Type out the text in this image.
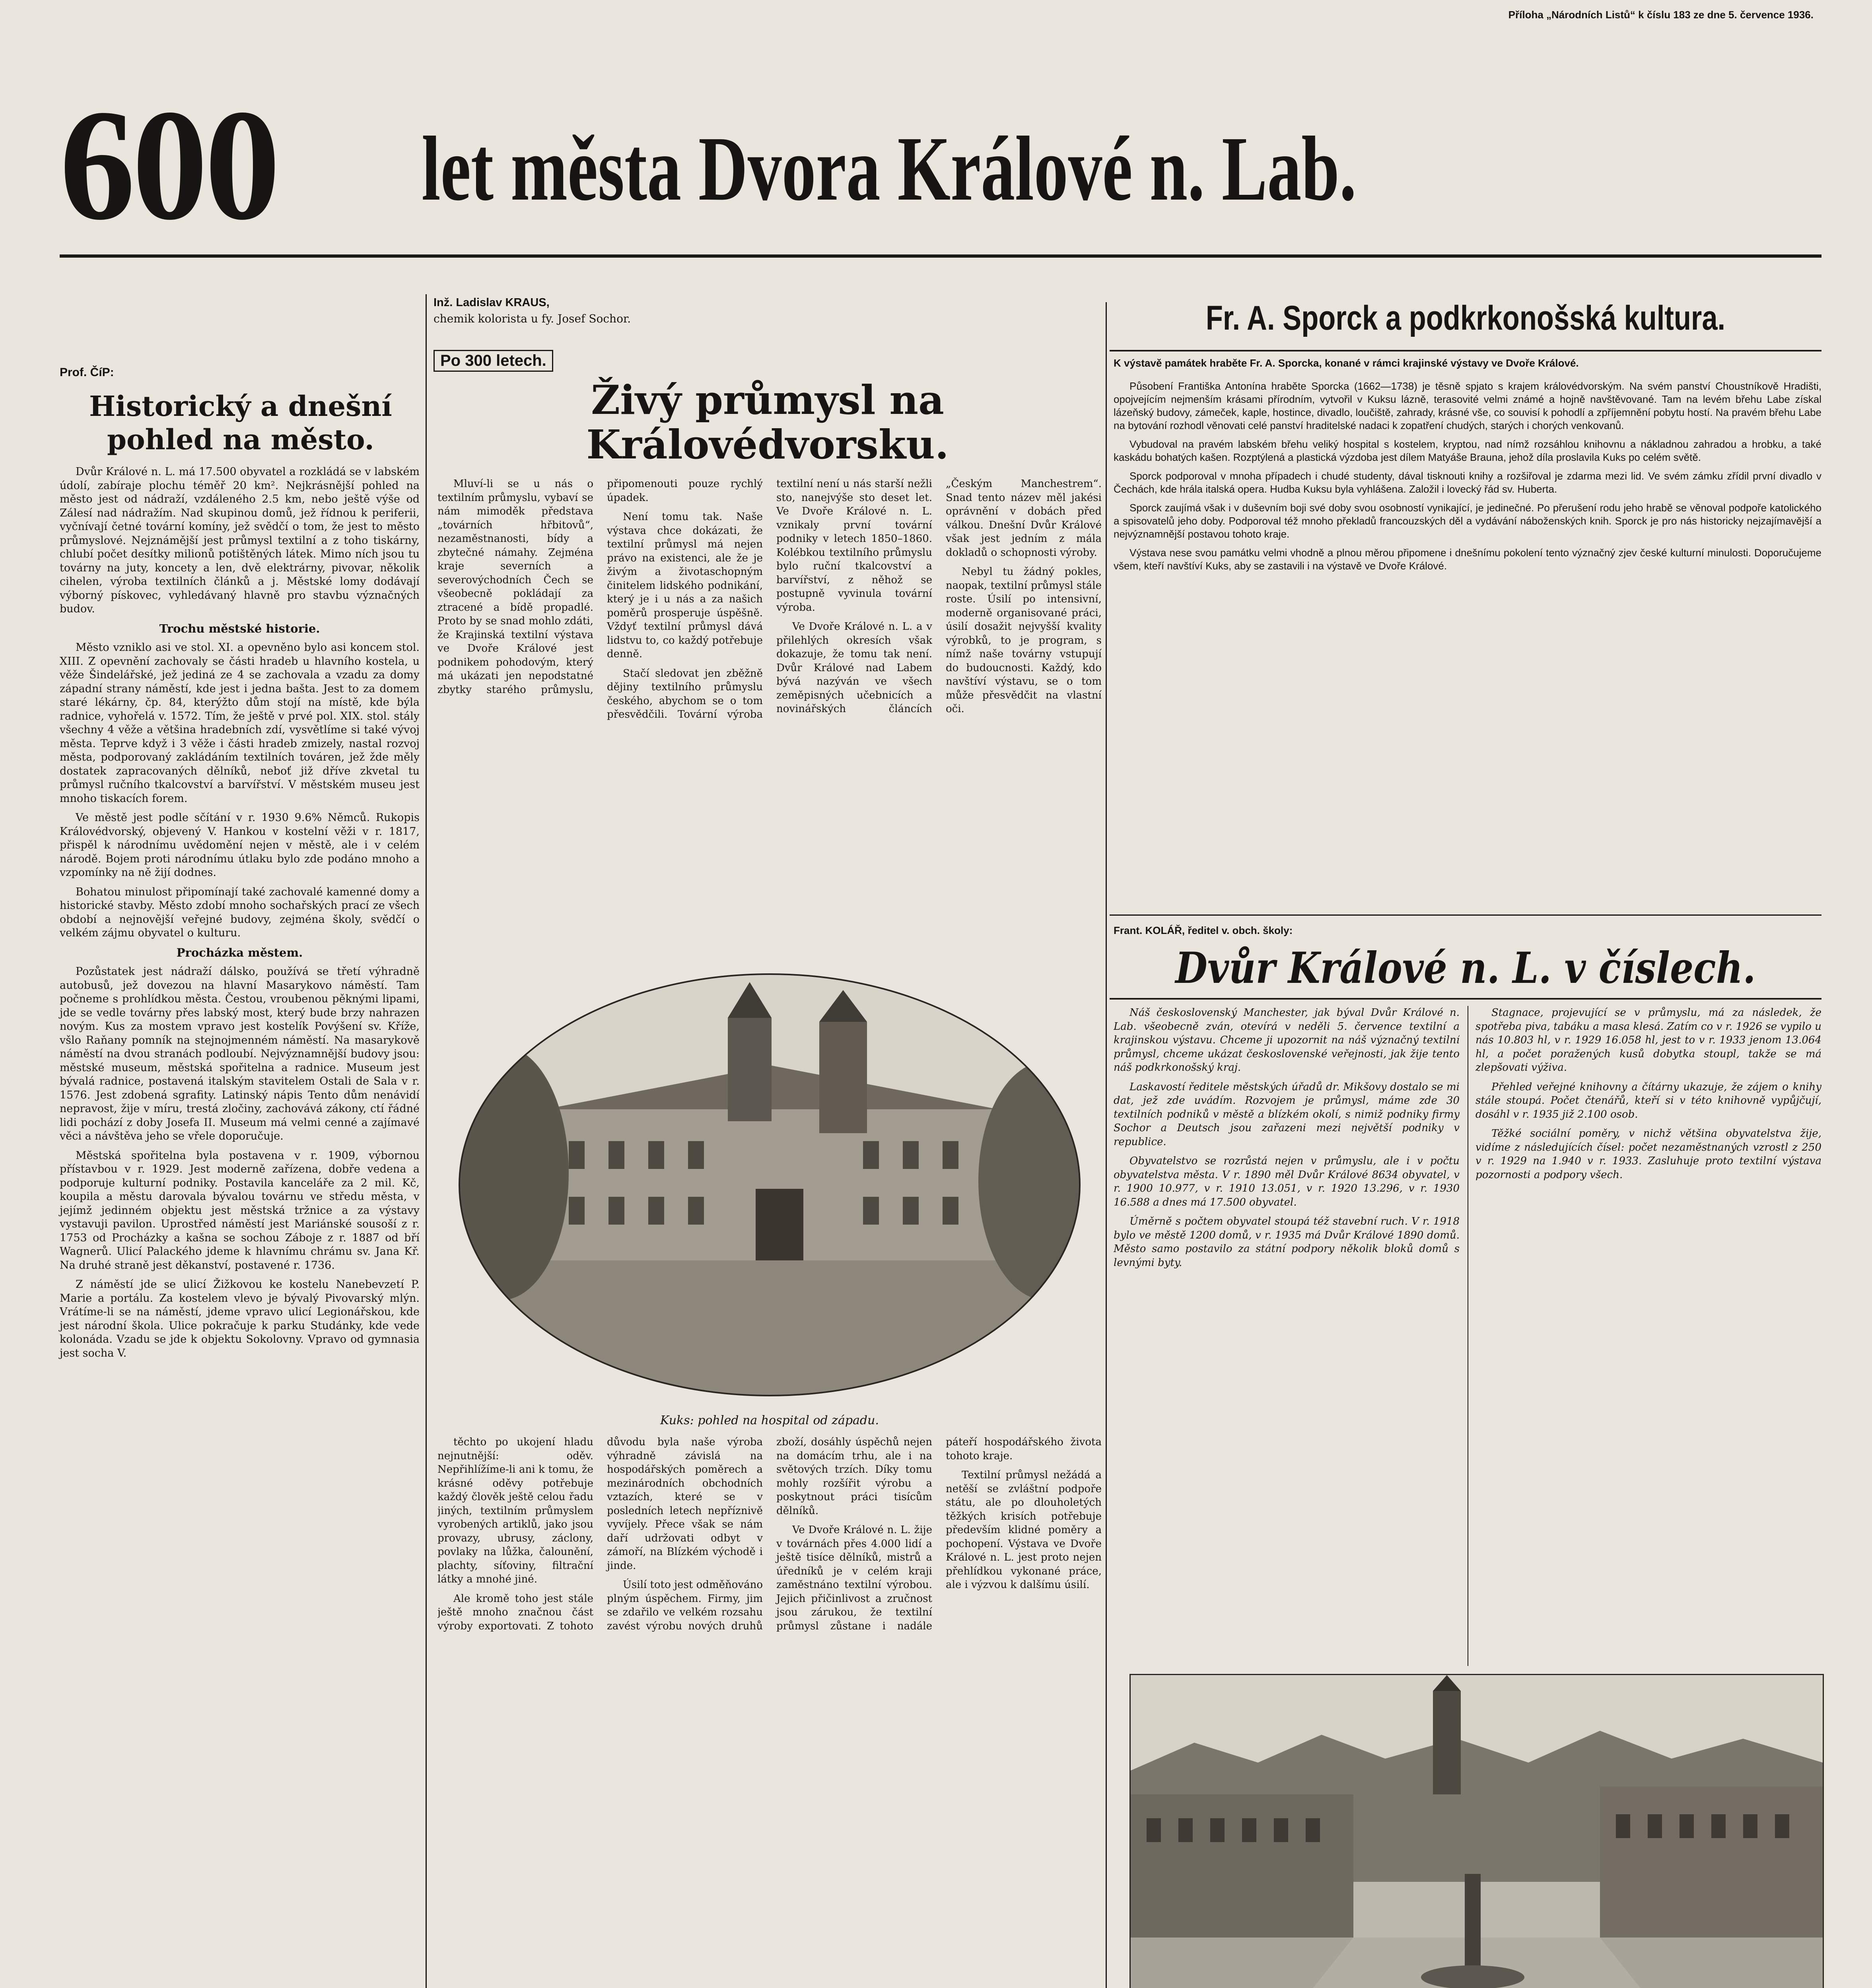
Příloha „Národních Listů“ k číslu 183 ze dne 5. července 1936.
600	let města Dvora Králové n. Lab.
Prof. ČíP:
Historický a dnešní pohled na město.

Dvůr Králové n. L. má 17.500 obyvatel a rozkládá se v labském údolí, zabíraje plochu téměř 20 km². Nejkrásnější pohled na město jest od nádraží, vzdáleného 2.5 km, nebo ještě výše od Zálesí nad nádražím. Nad skupinou domů, jež řídnou k periferii, vyčnívají četné tovární komíny, jež svědčí o tom, že jest to město průmyslové. Nejznámější jest průmysl textilní a z toho tiskárny, chlubí počet desítky milionů potištěných látek. Mimo ních jsou tu továrny na juty, koncety a len, dvě elektrárny, pivovar, několik cihelen, výroba textilních článků a j. Městské lomy dodávají výborný pískovec, vyhledávaný hlavně pro stavbu význačných budov.

Trochu městské historie.

Město vzniklo asi ve stol. XI. a opevněno bylo asi koncem stol. XIII. Z opevnění zachovaly se části hradeb u hlavního kostela, u věže Šindelářské, jež jediná ze 4 se zachovala a vzadu za domy západní strany náměstí, kde jest i jedna bašta. Jest to za domem staré lékárny, čp. 84, kterýžto dům stojí na místě, kde býla radnice, vyhořelá v. 1572. Tím, že ještě v prvé pol. XIX. stol. stály všechny 4 věže a většina hradebních zdí, vysvětlíme si také vývoj města. Teprve když i 3 věže i části hradeb zmizely, nastal rozvoj města, podporovaný zakládáním textilních továren, jež žde měly dostatek zapracovaných dělníků, neboť již dříve zkvetal tu průmysl ručního tkalcovství a barvířství. V městském museu jest mnoho tiskacích forem.

Ve městě jest podle sčítání v r. 1930 9.6% Němců. Rukopis Královédvorský, objevený V. Hankou v kostelní věži v r. 1817, přispěl k národnímu uvědomění nejen v městě, ale i v celém národě. Bojem proti národnímu útlaku bylo zde podáno mnoho a vzpomínky na ně žijí dodnes.

Bohatou minulost připomínají také zachovalé kamenné domy a historické stavby. Město zdobí mnoho sochařských prací ze všech období a nejnovější veřejné budovy, zejména školy, svědčí o velkém zájmu obyvatel o kulturu.

Procházka městem.

Pozůstatek jest nádraží dálsko, používá se třetí výhradně autobusů, jež dovezou na hlavní Masarykovo náměstí. Tam počneme s prohlídkou města. Čestou, vroubenou pěknými lipami, jde se vedle továrny přes labský most, který bude brzy nahrazen novým. Kus za mostem vpravo jest kostelík Povýšení sv. Kříže, všlo Raňany pomník na stejnojmenném náměstí. Na masarykově náměstí na dvou stranách podloubí. Nejvýznamnější budovy jsou: městské museum, městská spořitelna a radnice. Museum jest bývalá radnice, postavená italským stavitelem Ostali de Sala v r. 1576. Jest zdobená sgrafity. Latinský nápis Tento dům nenávidí nepravost, žije v míru, trestá zločiny, zachovává zákony, ctí řádné lidi pochází z doby Josefa II. Museum má velmi cenné a zajímavé věci a návštěva jeho se vřele doporučuje.

Městská spořitelna byla postavena v r. 1909, výbornou přístavbou v r. 1929. Jest moderně zařízena, dobře vedena a podporuje kulturní podniky. Postavila kanceláře za 2 mil. Kč, koupila a městu darovala bývalou továrnu ve středu města, v jejímž jedinném objektu jest městská tržnice a za výstavy vystavuji pavilon. Uprostřed náměstí jest Mariánské sousoší z r. 1753 od Procházky a kašna se sochou Záboje z r. 1887 od bří Wagnerů. Ulicí Palackého jdeme k hlavnímu chrámu sv. Jana Kř. Na druhé straně jest děkanství, postavené r. 1736.

Z náměstí jde se ulicí Žižkovou ke kostelu Nanebevzetí P. Marie a portálu. Za kostelem vlevo je bývalý Pivovarský mlýn. Vrátíme-li se na náměstí, jdeme vpravo ulicí Legionářskou, kde jest národní škola. Ulice pokračuje k parku Studánky, kde vede kolonáda. Vzadu se jde k objektu Sokolovny. Vpravo od gymnasia jest socha V.

Inž. Ladislav KRAUS,
chemik kolorista u fy. Josef Sochor.
Po 300 letech.
Živý průmysl na Královédvorsku.

Mluví-li se u nás o textilním průmyslu, vybaví se nám mimoděk představa „továrních hřbitovů“, nezaměstnanosti, bídy a zbytečné námahy. Zejména kraje severních a severovýchodních Čech se všeobecně pokládají za ztracené a bídě propadlé. Proto by se snad mohlo zdáti, že Krajinská textilní výstava ve Dvoře Králové jest podnikem pohodovým, který má ukázati jen nepodstatné zbytky starého průmyslu, připomenouti pouze rychlý úpadek.

Není tomu tak. Naše výstava chce dokázati, že textilní průmysl má nejen právo na existenci, ale že je živým a životaschopným činitelem lidského podnikání, který je i u nás a za našich poměrů prosperuje úspěšně. Vždyť textilní průmysl dává lidstvu to, co každý potřebuje denně.

Stačí sledovat jen zběžně dějiny textilního průmyslu českého, abychom se o tom přesvědčili. Tovární výroba textilní není u nás starší nežli sto, nanejvýše sto deset let. Ve Dvoře Králové n. L. vznikaly první tovární podniky v letech 1850–1860. Kolébkou textilního průmyslu bylo ruční tkalcovství a barvířství, z něhož se postupně vyvinula tovární výroba.

Ve Dvoře Králové n. L. a v přilehlých okresích však dokazuje, že tomu tak není. Dvůr Králové nad Labem bývá nazýván ve všech zeměpisných učebnicích a novinářských článcích „Českým Manchestrem“. Snad tento název měl jakési oprávnění v dobách před válkou. Dnešní Dvůr Králové však jest jedním z mála dokladů o schopnosti výroby.

Nebyl tu žádný pokles, naopak, textilní průmysl stále roste. Úsilí po intensivní, moderně organisované práci, úsilí dosažit nejvyšší kvality výrobků, to je program, s nímž naše továrny vstupují do budoucnosti. Každý, kdo navštíví výstavu, se o tom může přesvědčit na vlastní oči.

Kuks: pohled na hospital od západu.

těchto po ukojení hladu nejnutnější: oděv. Nepřihlížíme-li ani k tomu, že krásné oděvy potřebuje každý člověk ještě celou řadu jiných, textilním průmyslem vyrobených artiklů, jako jsou provazy, ubrusy, záclony, povlaky na lůžka, čalounění, plachty, síťoviny, filtrační látky a mnohé jiné.

Ale kromě toho jest stále ještě mnoho značnou část výroby exportovati. Z tohoto důvodu byla naše výroba výhradně závislá na hospodářských poměrech a mezinárodních obchodních vztazích, které se v posledních letech nepříznivě vyvíjely. Přece však se nám daří udržovati odbyt v zámoří, na Blízkém východě i jinde.

Úsilí toto jest odměňováno plným úspěchem. Firmy, jim se zdařilo ve velkém rozsahu zavést výrobu nových druhů zboží, dosáhly úspěchů nejen na domácím trhu, ale i na světových trzích. Díky tomu mohly rozšířit výrobu a poskytnout práci tisícům dělníků.

Ve Dvoře Králové n. L. žije v továrnách přes 4.000 lidí a ještě tisíce dělníků, mistrů a úředníků je v celém kraji zaměstnáno textilní výrobou. Jejich přičinlivost a zručnost jsou zárukou, že textilní průmysl zůstane i nadále páteří hospodářského života tohoto kraje.

Textilní průmysl nežádá a netěší se zvláštní podpoře státu, ale po dlouholetých těžkých krisích potřebuje především klidné poměry a pochopení. Výstava ve Dvoře Králové n. L. jest proto nejen přehlídkou vykonané práce, ale i výzvou k dalšímu úsilí.

Fr. A. Sporck a podkrkonošská kultura.
K výstavě památek hraběte Fr. A. Sporcka, konané v rámci krajinské výstavy ve Dvoře Králové.

Působení Františka Antonína hraběte Sporcka (1662—1738) je těsně spjato s krajem královédvorským. Na svém panství Choustníkově Hradišti, opojvejícím nejmenším krásami přírodním, vytvořil v Kuksu lázně, terasovité velmi známé a hojně navštěvované. Tam na levém břehu Labe získal lázeňský budovy, zámeček, kaple, hostince, divadlo, loučiště, zahrady, krásné vše, co souvisí k pohodlí a zpříjemnění pobytu hostí. Na pravém břehu Labe na bytování rozhodl věnovati celé panství hraditelské nadaci k zopatření chudých, starých i chorých venkovanů.

Vybudoval na pravém labském břehu veliký hospital s kostelem, kryptou, nad nímž rozsáhlou knihovnu a nákladnou zahradou a hrobku, a také kaskádu bohatých kašen. Rozptýlená a plastická výzdoba jest dílem Matyáše Brauna, jehož díla proslavila Kuks po celém světě.

Sporck podporoval v mnoha případech i chudé studenty, dával tisknouti knihy a rozšiřoval je zdarma mezi lid. Ve svém zámku zřídil první divadlo v Čechách, kde hrála italská opera. Hudba Kuksu byla vyhlášena. Založil i lovecký řád sv. Huberta.

Sporck zaujímá však i v duševním boji své doby svou osobností vynikající, je jedinečné. Po přerušení rodu jeho hrabě se věnoval podpoře katolického a spisovatelů jeho doby. Podporoval též mnoho překladů francouzských děl a vydávání náboženských knih. Sporck je pro nás historicky nejzajímavější a nejvýznamnější postavou tohoto kraje.

Výstava nese svou památku velmi vhodně a plnou měrou připomene i dnešnímu pokolení tento význačný zjev české kulturní minulosti. Doporučujeme všem, kteří navštíví Kuks, aby se zastavili i na výstavě ve Dvoře Králové.

Frant. KOLÁŘ, ředitel v. obch. školy:
Dvůr Králové n. L. v číslech.

Náš československý Manchester, jak býval Dvůr Králové n. Lab. všeobecně zván, otevírá v neděli 5. července textilní a krajinskou výstavu. Chceme ji upozornit na náš význačný textilní průmysl, chceme ukázat československé veřejnosti, jak žije tento náš podkrkonošský kraj.

Laskavostí ředitele městských úřadů dr. Mikšovy dostalo se mi dat, jež zde uvádím. Rozvojem je průmysl, máme zde 30 textilních podniků v městě a blízkém okolí, s nimiž podniky firmy Sochor a Deutsch jsou zařazeni mezi největší podniky v republice.

Obyvatelstvo se rozrůstá nejen v průmyslu, ale i v počtu obyvatelstva města. V r. 1890 měl Dvůr Králové 8634 obyvatel, v r. 1900 10.977, v r. 1910 13.051, v r. 1920 13.296, v r. 1930 16.588 a dnes má 17.500 obyvatel.

Úměrně s počtem obyvatel stoupá též stavební ruch. V r. 1918 bylo ve městě 1200 domů, v r. 1935 má Dvůr Králové 1890 domů. Město samo postavilo za státní podpory několik bloků domů s levnými byty.

Stagnace, projevující se v průmyslu, má za následek, že spotřeba piva, tabáku a masa klesá. Zatím co v r. 1926 se vypilo u nás 10.803 hl, v r. 1929 16.058 hl, jest to v r. 1933 jenom 13.064 hl, a počet poražených kusů dobytka stoupl, takže se má zlepšovati výživa.

Přehled veřejné knihovny a čítárny ukazuje, že zájem o knihy stále stoupá. Počet čtenářů, kteří si v této knihovně vypůjčují, dosáhl v r. 1935 již 2.100 osob.

Těžké sociální poměry, v nichž většina obyvatelstva žije, vidíme z následujících čísel: počet nezaměstnaných vzrostl z 250 v r. 1929 na 1.940 v r. 1933. Zasluhuje proto textilní výstava pozornosti a podpory všech.
